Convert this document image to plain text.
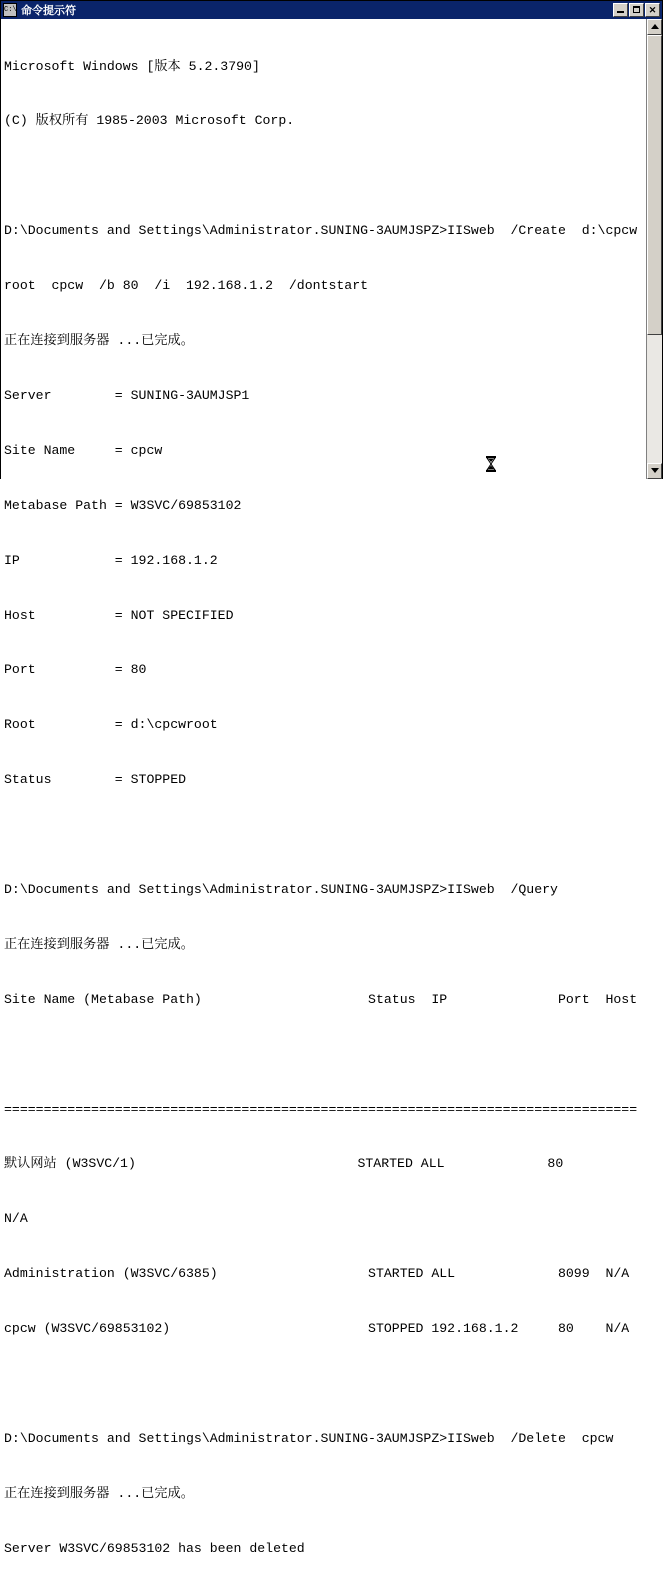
C:\ 命令提示符	✕

Microsoft Windows [版本 5.2.3790]

(C) 版权所有 1985-2003 Microsoft Corp.

D:\Documents and Settings\Administrator.SUNING-3AUMJSPZ>IISweb  /Create  d:\cpcw

root  cpcw  /b 80  /i  192.168.1.2  /dontstart

正在连接到服务器 ...已完成。

Server        = SUNING-3AUMJSP1

Site Name     = cpcw

Metabase Path = W3SVC/69853102

IP            = 192.168.1.2

Host          = NOT SPECIFIED

Port          = 80

Root          = d:\cpcwroot

Status        = STOPPED

D:\Documents and Settings\Administrator.SUNING-3AUMJSPZ>IISweb  /Query

正在连接到服务器 ...已完成。

Site Name (Metabase Path)                     Status  IP              Port  Host

================================================================================

默认网站 (W3SVC/1)                            STARTED ALL             80

N/A

Administration (W3SVC/6385)                   STARTED ALL             8099  N/A

cpcw (W3SVC/69853102)                         STOPPED 192.168.1.2     80    N/A

D:\Documents and Settings\Administrator.SUNING-3AUMJSPZ>IISweb  /Delete  cpcw

正在连接到服务器 ...已完成。

Server W3SVC/69853102 has been deleted
